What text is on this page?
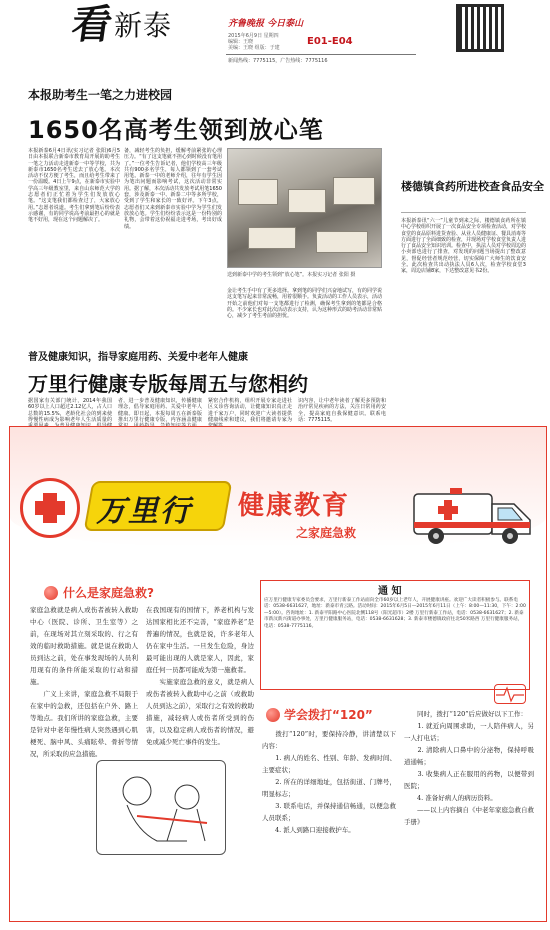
看
新泰	齐鲁晚报 今日泰山
2015年6月9日 星期四
编辑：王晓
美编：王晓 组版：于建
E01-E04
新闻热线：7775115，广告热线：7775116
本报助考生一笔之力进校园
1650名高考生领到放心笔
本报新泰6月4日讯(实习记者 张阳)6月5日由本报联合新泰市教育局开展的助考生一笔之力活动走进新泰一中等学校，共为新泰市1650名考生送去了放心笔。本次活动不仅方便了考生，而且给考生带来了一份温暖。4日上午9点，在新泰市实验中学高三年级教室里，来自山东师范大学的志愿者们正忙着为学生们发放放心笔。“这支笔我们都检查过了，大家放心用。”志愿者说道。考生们拿到笔后纷纷表示感谢，有的同学说高考前最担心的就是笔不好用，现在这个问题解决了。
备，减轻考生的负担，缓解考前紧张的心理压力。“有了这支笔就不担心到时候没有笔用了。”一位考生告诉记者，他们学校高三年级共有900多名学生，每人都领到了一套考试用笔。新泰一中的老师介绍，往年有学生因为笔出问题而影响考试，这次活动非常实用。据了解，本次活动共发放考试用笔1650套，涉及新泰一中、新泰二中等多所学校，受到了学生和家长的一致好评。下午3点，志愿者们又来到新泰市实验中学为学生们发放放心笔。学生们纷纷表示这是一份特别的礼物，会带着这份祝福走进考场，考出好成绩。
送到新泰中学的考生领到“放心笔”。本报实习记者 张阳 摄
金让考生手中有了更多选择。拿到笔的同学们兴奋地试写，有的同学说这支笔写起来非常流畅，用着很顺手。负责活动的工作人员表示，活动开始之前他们对每一支笔都进行了检测，确保考生拿到的笔都是合格的。不少家长也对此次活动表示支持，认为这种形式的助考活动非常贴心，减少了考生考前的担忧。
楼德镇食药所进校查食品安全
本报新泰讯“六一”儿童节到来之际，楼德镇食药所在镇中心学校组织开展了一次食品安全专项检查活动，对学校食堂的食品原料进货查验、从业人员健康证、餐具消毒等方面进行了全面细致的检查，并现场对学校食堂负责人进行了食品安全知识培训。检查中，执法人员对学校周边的小卖部也进行了排查，对发现的问题当场提出了整改意见，督促经营者规范经营，切实保障广大师生的饮食安全。此次检查共出动执法人员6人次，检查学校食堂3家，周边店铺8家，下达整改意见书2份。
普及健康知识，指导家庭用药、关爱中老年人健康
万里行健康专版每周五与您相约
据国家有关部门统计，2014年我国60岁以上人口超过2.12亿人，占人口总数的15.5%，老龄化社会的到来使得慢性病成为影响老年人生活质量的
者，进一步普及健康知识，传播健康理念，倡导家庭用药、关爱中老年人健康。即日起，本报每周五在新泰版推出万里行健康专版，内容涵盖健康
紧密合作机构，组织开展专家走进社区义诊咨询活动，让健康知识真正走进千家万户，同时欢迎广大读者提供健康线索和建议，我们将邀请专家为
识内容，让中老年读者了解更多预防和治疗常见疾病的方法，关注日常用药安全，提高家庭自我保健意识。联系电话：7775115。
万里行 健康教育
之家庭急救
什么是家庭急救?
家庭急救就是病人或伤者被转入救助中心（医院、诊所、卫生室等）之前，在现场对其立刻采取的、行之有效的临时救助措施。就是说在救助人员到达之前，处在事发现场的人员利用现有的条件所能采取的行动和措施。
　　广义上来讲，家庭急救不局限于在家中的急救，还包括在户外、路上等地点。我们所讲的家庭急救，主要是针对中老年慢性病人突然遇到心肌梗死、脑中风、头痛眩晕、骨折等情况，所采取的应急措施。
在我国现有的国情下，养老机构与发达国家相比还不完善，“家庭养老”是普遍的情况，也就是说，许多老年人仍在家中生活。一旦发生危险，身边最可能出现的人就是家人，因此，家庭任何一员都可能成为第一施救者。
　　实施家庭急救的意义，就是病人或伤者被转入救助中心之前（或救助人员到达之前），采取行之有效的救助措施，减轻病人或伤者所受到的伤害，以及稳定病人或伤者的情况，避免或减少死亡事件的发生。
通 知
应万里行健康专家委员会要求，万里行新泰工作站面向全市60岁以上老年人，开展健康讲座。欢迎广大读者积极参与。联系电话：0538-6631627，地址：新泰市青云路。活动时间：2015年6月5日—2015年6月11日（上午：8:00—11:30，下午：2:00—5:00）。咨询地址：1. 新泰平阳路中心医院北侧118号（阳光超市）2楼 万里行新泰工作站，电话：0538-6631627；2. 新泰市新汶新兴街道办事处，万里行健康服务站，电话：0538-6631628；3. 新泰市楼德镇政府往北50米路西 万里行健康服务站，电话：0538-7775116。
学会拨打“120”
　　拨打“120”时，要保持冷静，讲清楚以下内容：
　　1. 病人的姓名、性别、年龄、发病时间、主要症状；
　　2. 所在的详细地址，包括街道、门牌号，明显标志；
　　3. 联系电话，并保持通信畅通，以便急救人员联系；
　　4. 派人到路口迎接救护车。
　　同时，拨打“120”后应做好以下工作：
　　1. 就近向周围求助，一人陪伴病人，另一人打电话；
　　2. 清除病人口鼻中的分泌物，保持呼吸道通畅；
　　3. 收集病人正在服用的药物，以便带到医院；
　　4. 准备好病人的病历资料。
　　——以上内容摘自《中老年家庭急救自救手册》
